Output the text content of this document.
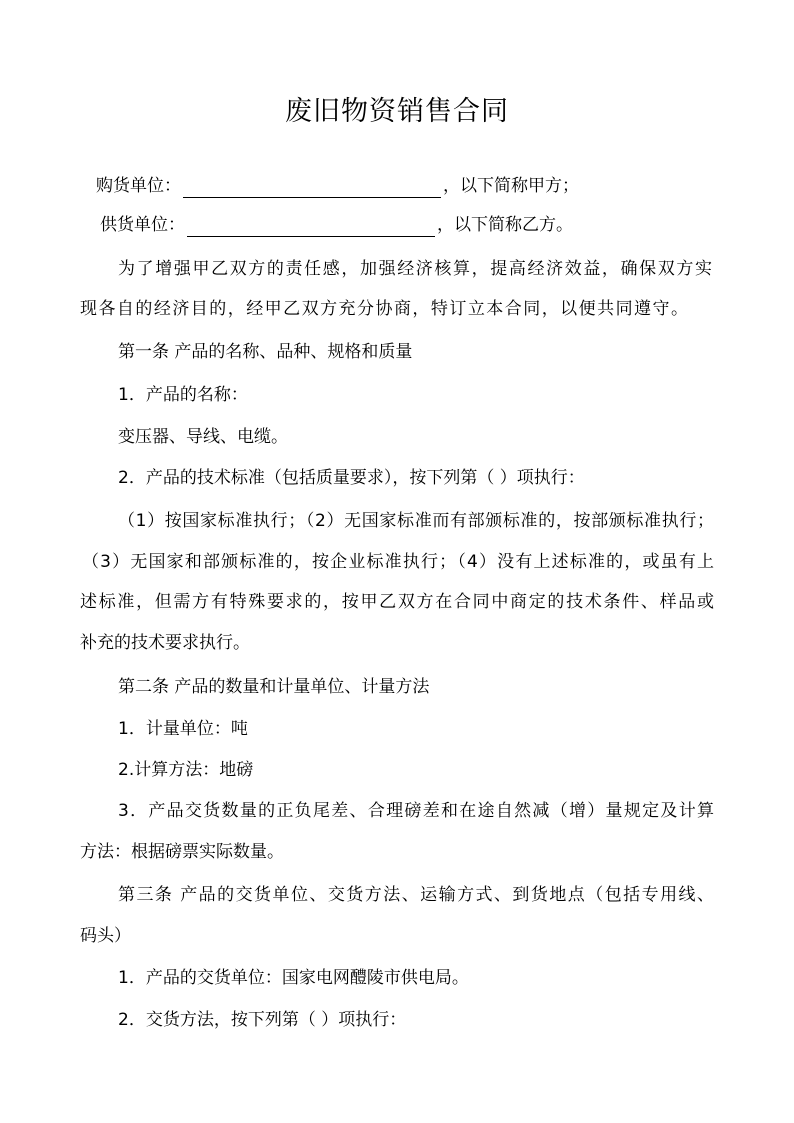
废旧物资销售合同
购货单位：	，以下简称甲方；
供货单位：	，以下简称乙方。

为了增强甲乙双方的责任感，加强经济核算，提高经济效益，确保双方实

现各自的经济目的，经甲乙双方充分协商，特订立本合同，以便共同遵守。

第一条 产品的名称、品种、规格和质量

1．产品的名称：

变压器、导线、电缆。

2．产品的技术标准（包括质量要求），按下列第（ ）项执行：

（1）按国家标准执行；（2）无国家标准而有部颁标准的，按部颁标准执行；

（3）无国家和部颁标准的，按企业标准执行；（4）没有上述标准的，或虽有上

述标准，但需方有特殊要求的，按甲乙双方在合同中商定的技术条件、样品或

补充的技术要求执行。

第二条 产品的数量和计量单位、计量方法

1．计量单位：吨

2.计算方法：地磅

3．产品交货数量的正负尾差、合理磅差和在途自然减（增）量规定及计算

方法：根据磅票实际数量。

第三条 产品的交货单位、交货方法、运输方式、到货地点（包括专用线、

码头）

1．产品的交货单位：国家电网醴陵市供电局。

2．交货方法，按下列第（ ）项执行：
